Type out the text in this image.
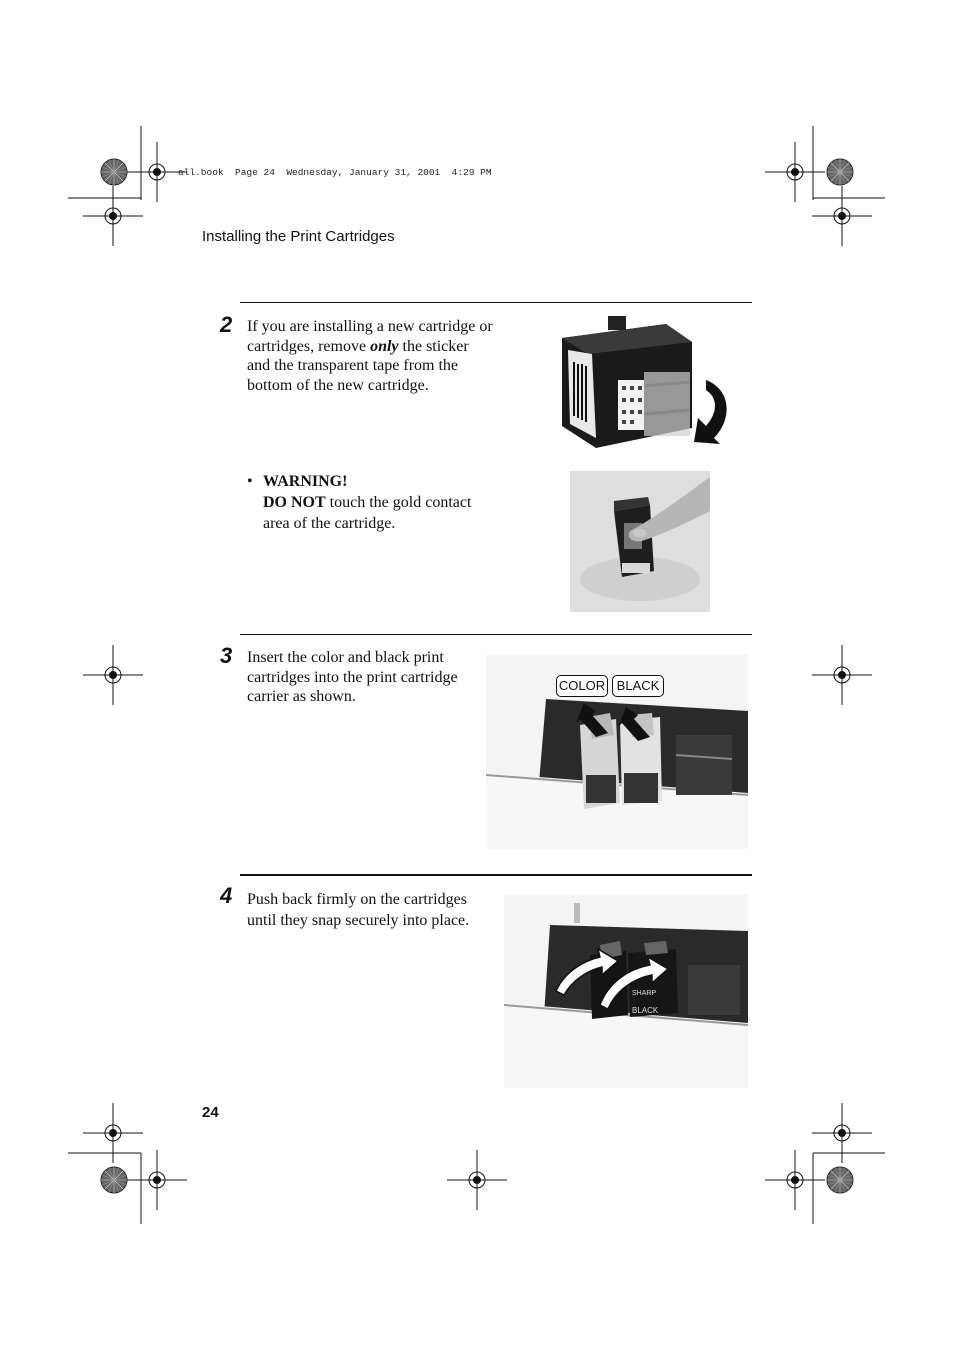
all.book  Page 24  Wednesday, January 31, 2001  4:29 PM
Installing the Print Cartridges
2 If you are installing a new cartridge or
cartridges, remove only the sticker
and the transparent tape from the
bottom of the new cartridge.
• WARNING!
DO NOT touch the gold contact
area of the cartridge.
3 Insert the color and black print
cartridges into the print cartridge
carrier as shown.
COLOR BLACK
4 Push back firmly on the cartridges
until they snap securely into place.
SHARP
BLACK
24
